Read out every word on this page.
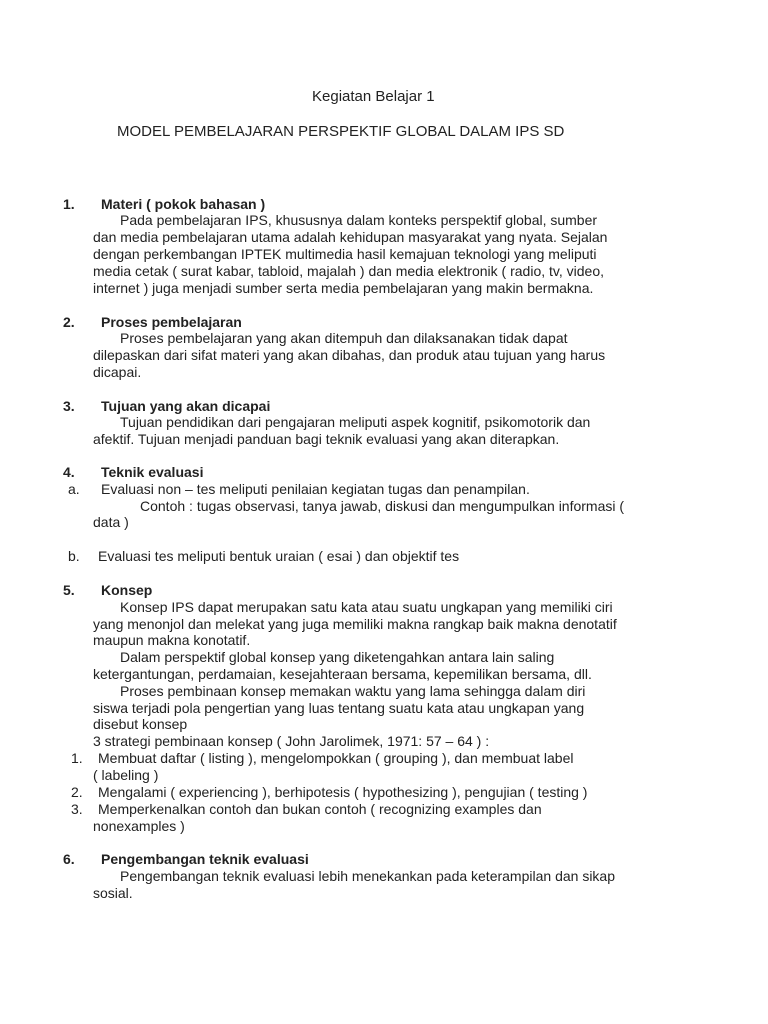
Kegiatan Belajar 1
MODEL PEMBELAJARAN PERSPEKTIF GLOBAL DALAM IPS SD
1. Materi ( pokok bahasan )
Pada pembelajaran IPS, khususnya dalam konteks perspektif global, sumber
dan media pembelajaran utama adalah kehidupan masyarakat yang nyata. Sejalan
dengan perkembangan IPTEK multimedia hasil kemajuan teknologi yang meliputi
media cetak ( surat kabar, tabloid, majalah ) dan media elektronik ( radio, tv, video,
internet ) juga menjadi sumber serta media pembelajaran yang makin bermakna.
2. Proses pembelajaran
Proses pembelajaran yang akan ditempuh dan dilaksanakan tidak dapat
dilepaskan dari sifat materi yang akan dibahas, dan produk atau tujuan yang harus
dicapai.
3. Tujuan yang akan dicapai
Tujuan pendidikan dari pengajaran meliputi aspek kognitif, psikomotorik dan
afektif. Tujuan menjadi panduan bagi teknik evaluasi yang akan diterapkan.
4. Teknik evaluasi
a. Evaluasi non – tes meliputi penilaian kegiatan tugas dan penampilan.
Contoh : tugas observasi, tanya jawab, diskusi dan mengumpulkan informasi (
data )
b. Evaluasi tes meliputi bentuk uraian ( esai ) dan objektif tes
5. Konsep
Konsep IPS dapat merupakan satu kata atau suatu ungkapan yang memiliki ciri
yang menonjol dan melekat yang juga memiliki makna rangkap baik makna denotatif
maupun makna konotatif.
Dalam perspektif global konsep yang diketengahkan antara lain saling
ketergantungan, perdamaian, kesejahteraan bersama, kepemilikan bersama, dll.
Proses pembinaan konsep memakan waktu yang lama sehingga dalam diri
siswa terjadi pola pengertian yang luas tentang suatu kata atau ungkapan yang
disebut konsep
3 strategi pembinaan konsep ( John Jarolimek, 1971: 57 – 64 ) :
1. Membuat daftar ( listing ), mengelompokkan ( grouping ), dan membuat label
( labeling )
2. Mengalami ( experiencing ), berhipotesis ( hypothesizing ), pengujian ( testing )
3. Memperkenalkan contoh dan bukan contoh ( recognizing examples dan
nonexamples )
6. Pengembangan teknik evaluasi
Pengembangan teknik evaluasi lebih menekankan pada keterampilan dan sikap
sosial.
